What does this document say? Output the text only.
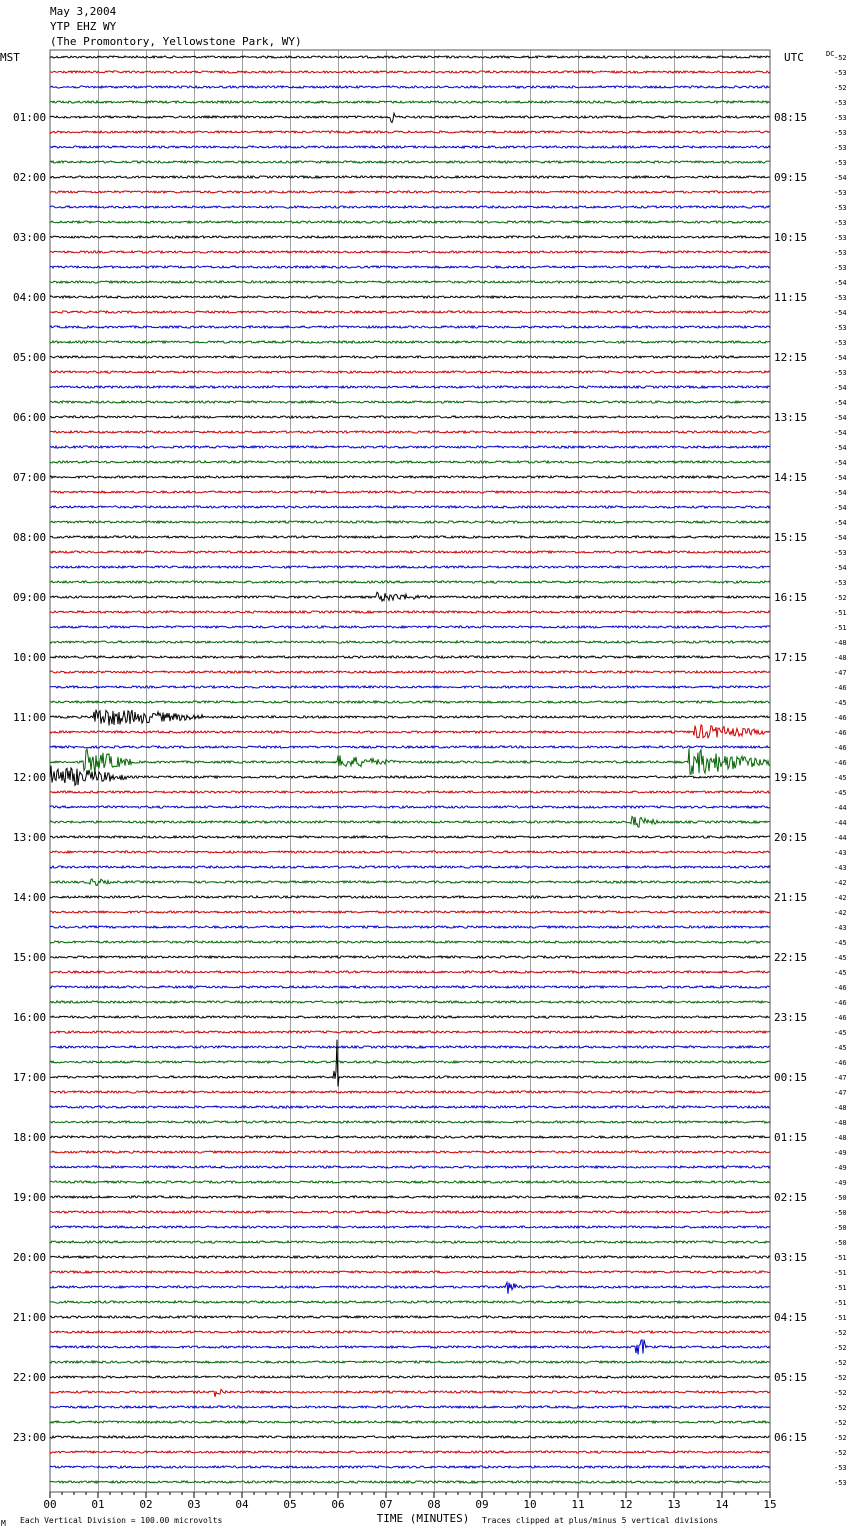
May 3,2004
YTP EHZ WY
(The Promontory, Yellowstone Park, WY)
MST	UTC	DC
01:00
02:00
03:00
04:00
05:00
06:00
07:00
08:00
09:00
10:00
11:00
12:00
13:00
14:00
15:00
16:00
17:00
18:00
19:00
20:00
21:00
22:00
23:00
08:15
09:15
10:15
11:15
12:15
13:15
14:15
15:15
16:15
17:15
18:15
19:15
20:15
21:15
22:15
23:15
00:15
01:15
02:15
03:15
04:15
05:15
06:15
-52
-53
-52
-53
-53
-53
-53
-53
-54
-53
-53
-53
-53
-53
-53
-54
-53
-54
-53
-53
-54
-53
-54
-54
-54
-54
-54
-54
-54
-54
-54
-54
-54
-53
-54
-53
-52
-51
-51
-48
-48
-47
-46
-45
-46
-46
-46
-46
-45
-45
-44
-44
-44
-43
-43
-42
-42
-42
-43
-45
-45
-45
-46
-46
-46
-45
-45
-46
-47
-47
-48
-48
-48
-49
-49
-49
-50
-50
-50
-50
-51
-51
-51
-51
-51
-52
-52
-52
-52
-52
-52
-52
-52
-52
-53
-53
00	01	02	03	04	05	06	07	08	09	10	11	12	13	14	15
TIME (MINUTES)
Each Vertical Division = 100.00 microvolts	Traces clipped at plus/minus 5 vertical divisions
M
